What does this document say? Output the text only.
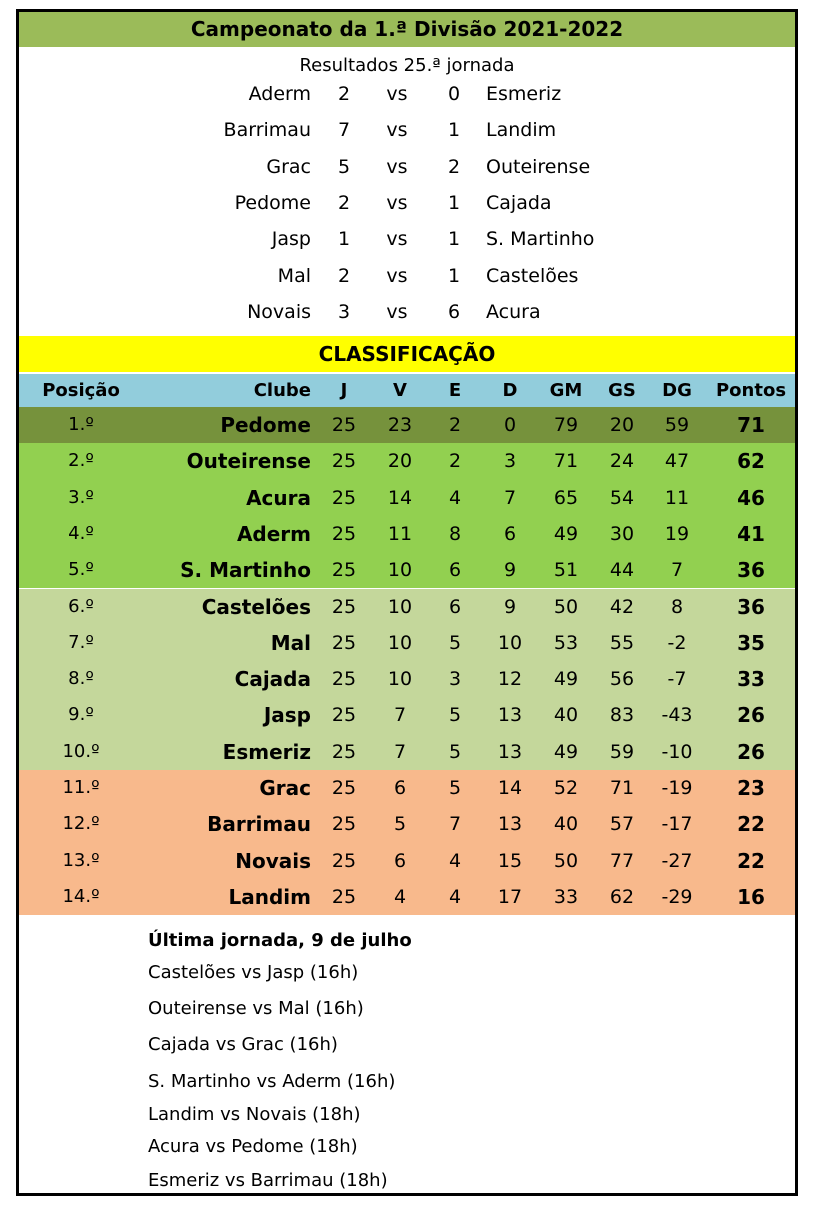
Campeonato da 1.ª Divisão 2021-2022
Resultados 25.ª jornada
Aderm 2 vs 0 Esmeriz
Barrimau 7 vs 1 Landim
Grac 5 vs 2 Outeirense
Pedome 2 vs 1 Cajada
Jasp 1 vs 1 S. Martinho
Mal 2 vs 1 Castelões
Novais 3 vs 6 Acura
CLASSIFICAÇÃO
Posição	Clube	J	V	E	D	GM	GS	DG	Pontos
1.º	Pedome	25	23	2	0	79	20	59	71
2.º	Outeirense	25	20	2	3	71	24	47	62
3.º	Acura	25	14	4	7	65	54	11	46
4.º	Aderm	25	11	8	6	49	30	19	41
5.º	S. Martinho	25	10	6	9	51	44	7	36
6.º	Castelões	25	10	6	9	50	42	8	36
7.º	Mal	25	10	5	10	53	55	-2	35
8.º	Cajada	25	10	3	12	49	56	-7	33
9.º	Jasp	25	7	5	13	40	83	-43	26
10.º	Esmeriz	25	7	5	13	49	59	-10	26
11.º	Grac	25	6	5	14	52	71	-19	23
12.º	Barrimau	25	5	7	13	40	57	-17	22
13.º	Novais	25	6	4	15	50	77	-27	22
14.º	Landim	25	4	4	17	33	62	-29	16
Última jornada, 9 de julho
Castelões vs Jasp (16h)
Outeirense vs Mal (16h)
Cajada vs Grac (16h)
S. Martinho vs Aderm (16h)
Landim vs Novais (18h)
Acura vs Pedome (18h)
Esmeriz vs Barrimau (18h)
